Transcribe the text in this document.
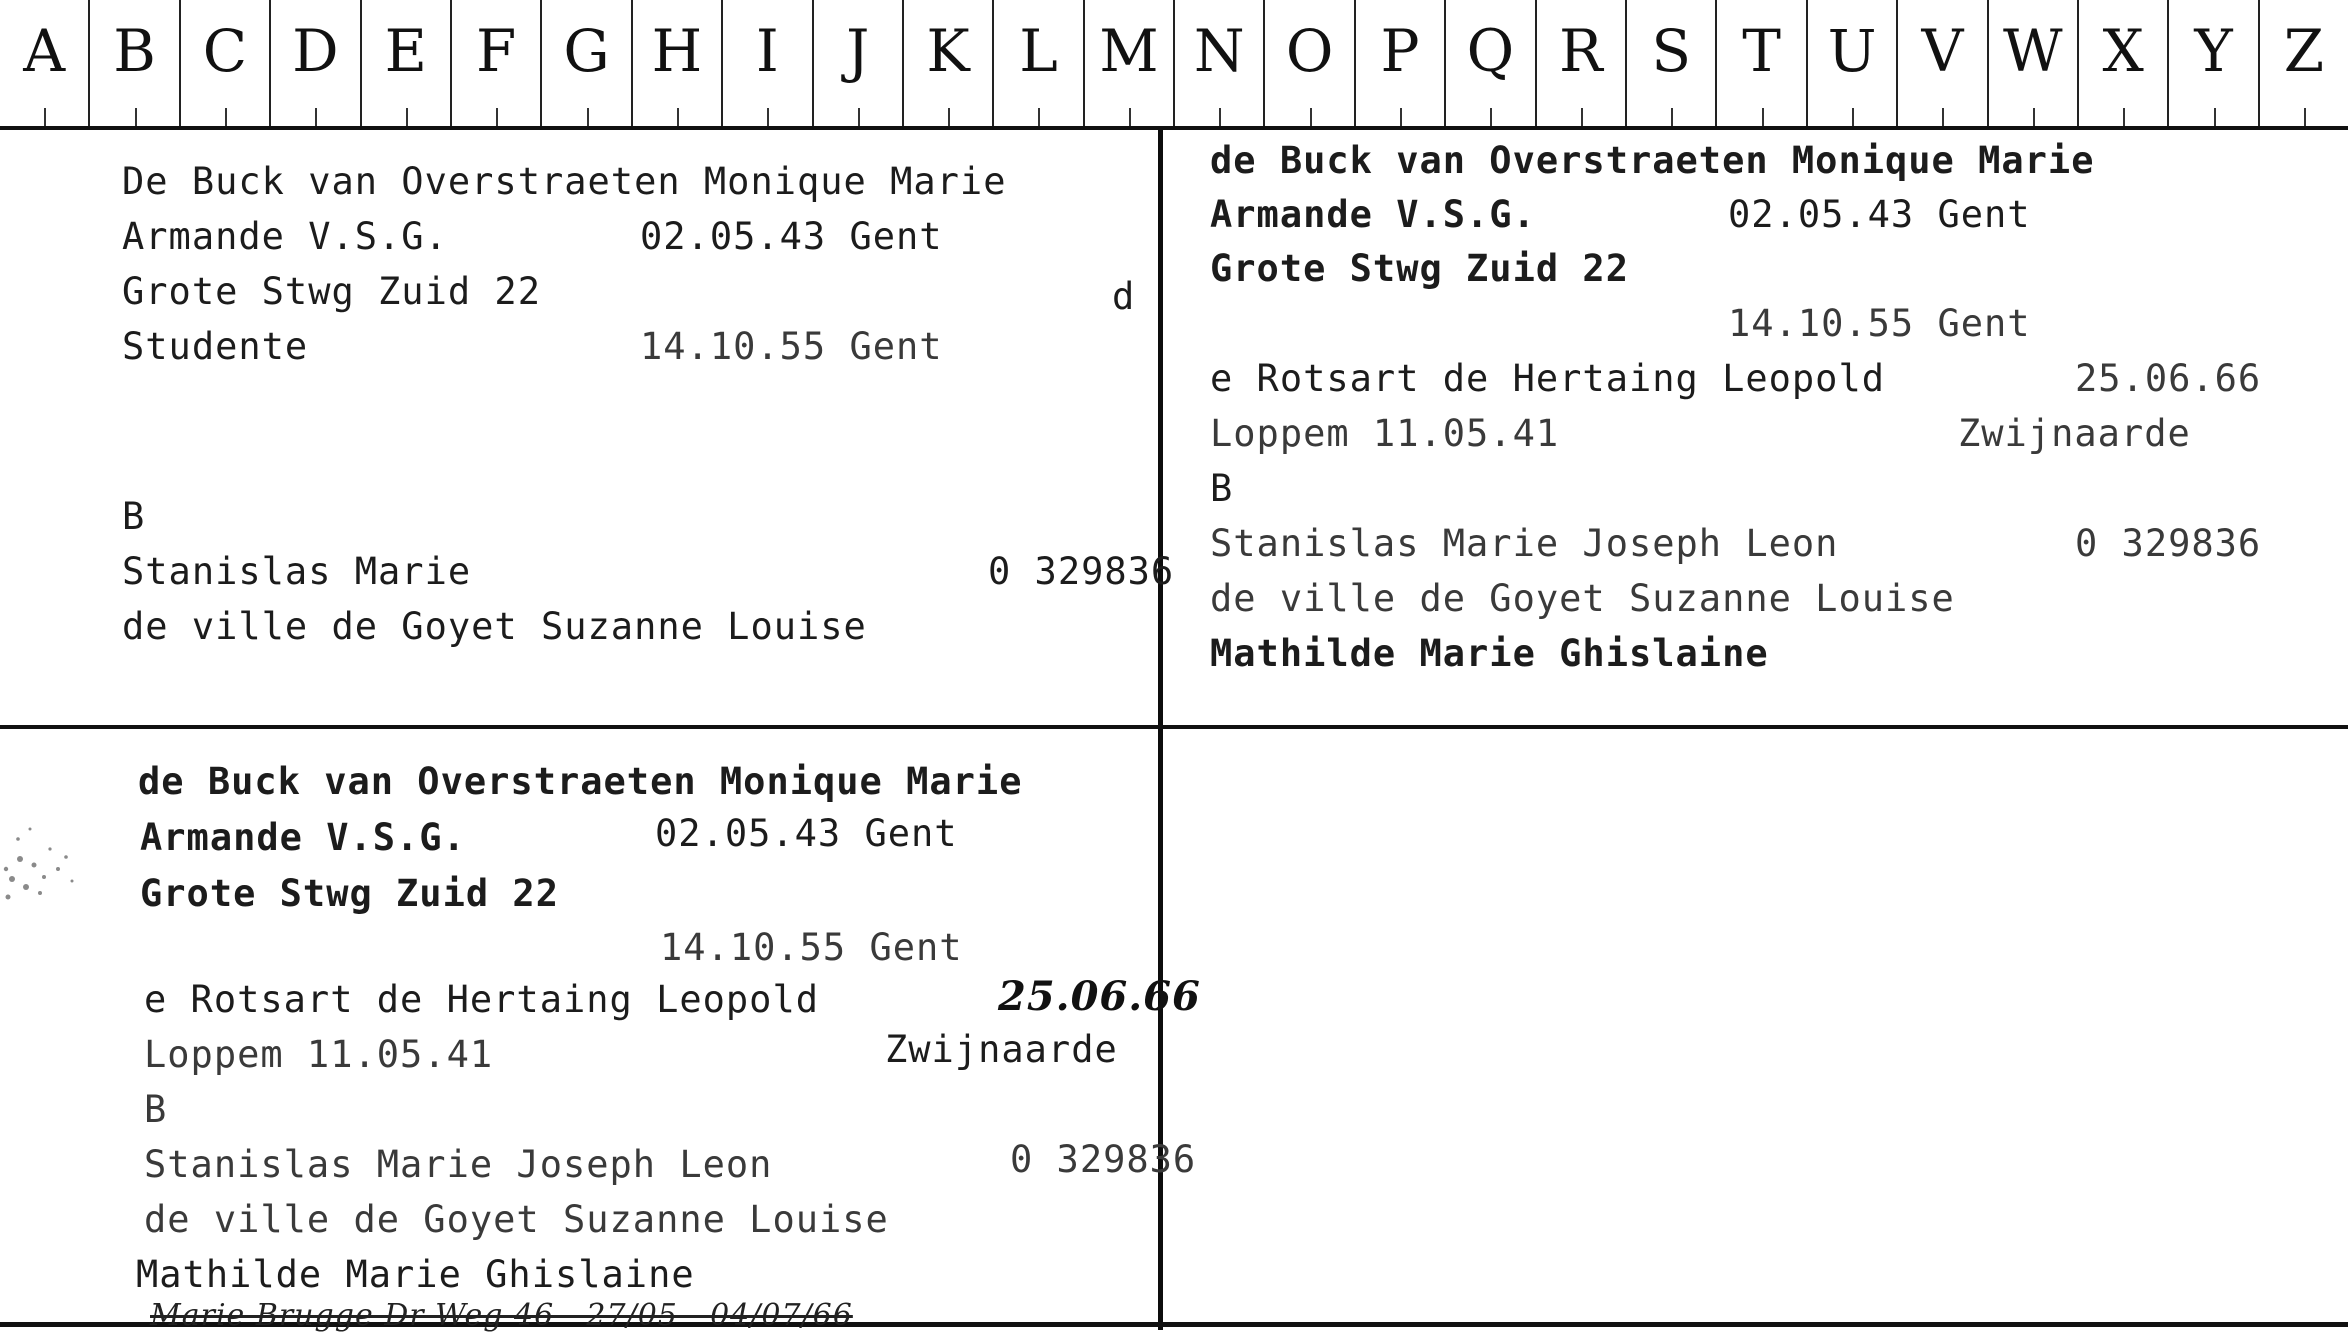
A B C D E F G H I	J K L M N O P Q R S T U V W X Y Z
De Buck van Overstraeten Monique Marie
Armande V.S.G.	02.05.43 Gent
Grote Stwg Zuid 22	d
Studente	14.10.55 Gent
B
Stanislas Marie	0 329836
de ville de Goyet Suzanne Louise
de Buck van Overstraeten Monique Marie
Armande V.S.G.	02.05.43 Gent
Grote Stwg Zuid 22
14.10.55 Gent
e Rotsart de Hertaing Leopold	25.06.66
Loppem 11.05.41	Zwijnaarde
B
Stanislas Marie Joseph Leon	0 329836
de ville de Goyet Suzanne Louise
Mathilde Marie Ghislaine
de Buck van Overstraeten Monique Marie
Armande V.S.G.	02.05.43 Gent
Grote Stwg Zuid 22
14.10.55 Gent
e Rotsart de Hertaing Leopold	25.06.66
Loppem 11.05.41	Zwijnaarde
B
Stanislas Marie Joseph Leon	0 329836
de ville de Goyet Suzanne Louise
Mathilde Marie Ghislaine
Marie Brugge Dr Weg 46 - 27/05 - 04/07/66
